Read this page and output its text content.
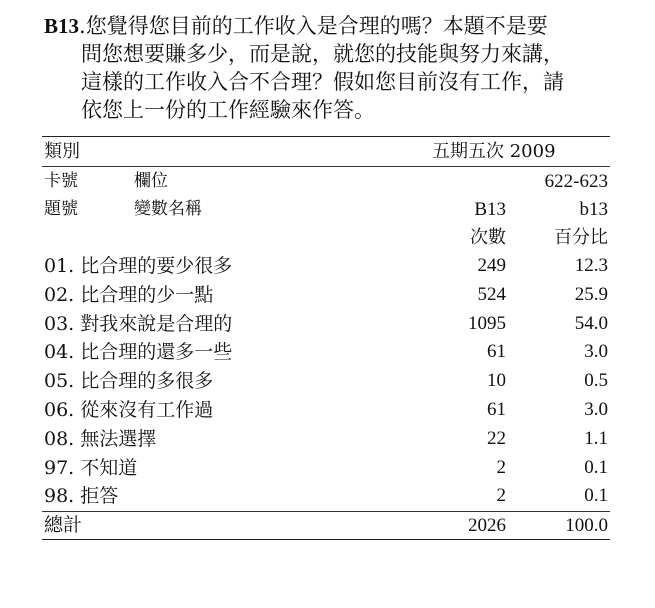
B13.您覺得您目前的工作收入是合理的嗎？本題不是要
問您想要賺多少，而是說，就您的技能與努力來講，
這樣的工作收入合不合理？假如您目前沒有工作，請
依您上一份的工作經驗來作答。
類別	五期五次 2009
卡號	欄位	622-623
題號	變數名稱	B13	b13
次數	百分比
01. 比合理的要少很多	249	12.3
02. 比合理的少一點	524	25.9
03. 對我來說是合理的	1095	54.0
04. 比合理的還多一些	61	3.0
05. 比合理的多很多	10	0.5
06. 從來沒有工作過	61	3.0
08. 無法選擇	22	1.1
97. 不知道	2	0.1
98. 拒答	2	0.1
總計	2026	100.0
